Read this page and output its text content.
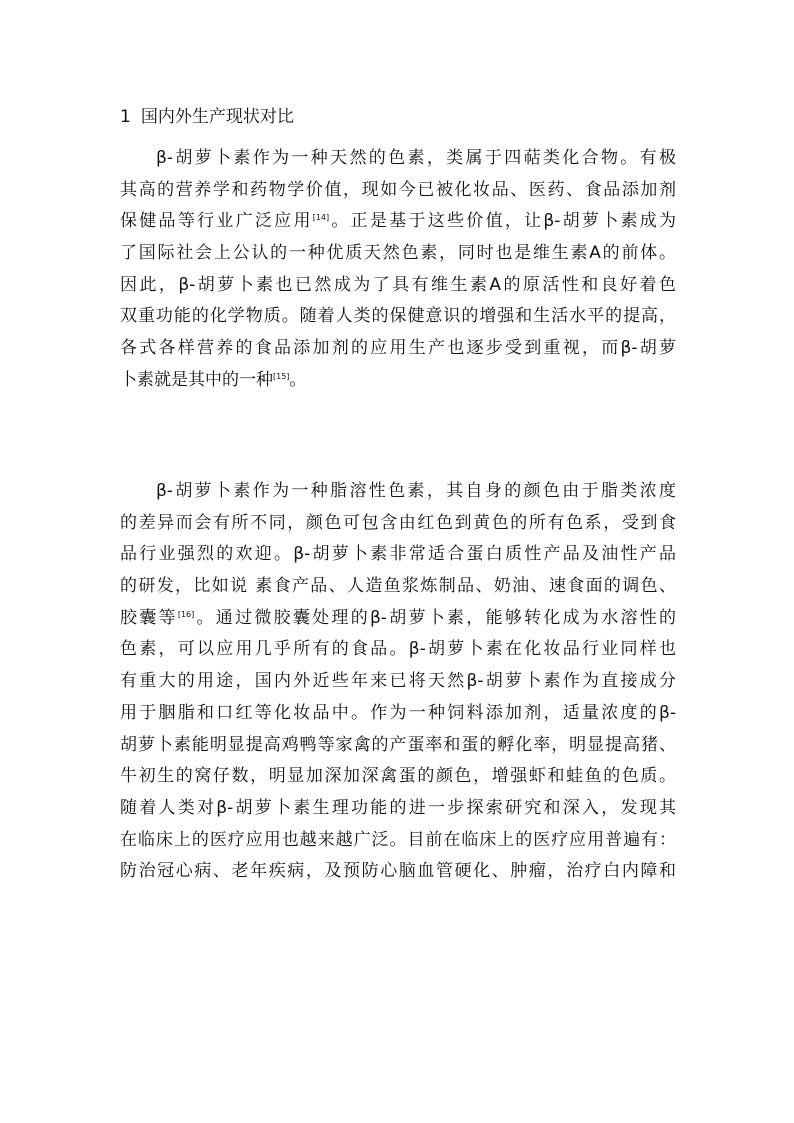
1 国内外生产现状对比
β-胡萝卜素作为一种天然的色素，类属于四萜类化合物。有极
其高的营养学和药物学价值，现如今已被化妆品、医药、食品添加剂
保健品等行业广泛应用[14]。正是基于这些价值，让β-胡萝卜素成为
了国际社会上公认的一种优质天然色素，同时也是维生素A的前体。
因此，β-胡萝卜素也已然成为了具有维生素A的原活性和良好着色
双重功能的化学物质。随着人类的保健意识的增强和生活水平的提高，
各式各样营养的食品添加剂的应用生产也逐步受到重视，而β-胡萝
卜素就是其中的一种[15]。
β-胡萝卜素作为一种脂溶性色素，其自身的颜色由于脂类浓度
的差异而会有所不同，颜色可包含由红色到黄色的所有色系，受到食
品行业强烈的欢迎。β-胡萝卜素非常适合蛋白质性产品及油性产品
的研发，比如说 素食产品、人造鱼浆炼制品、奶油、速食面的调色、
胶囊等[16]。通过微胶囊处理的β-胡萝卜素，能够转化成为水溶性的
色素，可以应用几乎所有的食品。β-胡萝卜素在化妆品行业同样也
有重大的用途，国内外近些年来已将天然β-胡萝卜素作为直接成分
用于胭脂和口红等化妆品中。作为一种饲料添加剂，适量浓度的β-
胡萝卜素能明显提高鸡鸭等家禽的产蛋率和蛋的孵化率，明显提高猪、
牛初生的窝仔数，明显加深加深禽蛋的颜色，增强虾和蛙鱼的色质。
随着人类对β-胡萝卜素生理功能的进一步探索研究和深入，发现其
在临床上的医疗应用也越来越广泛。目前在临床上的医疗应用普遍有：
防治冠心病、老年疾病，及预防心脑血管硬化、肿瘤，治疗白内障和
